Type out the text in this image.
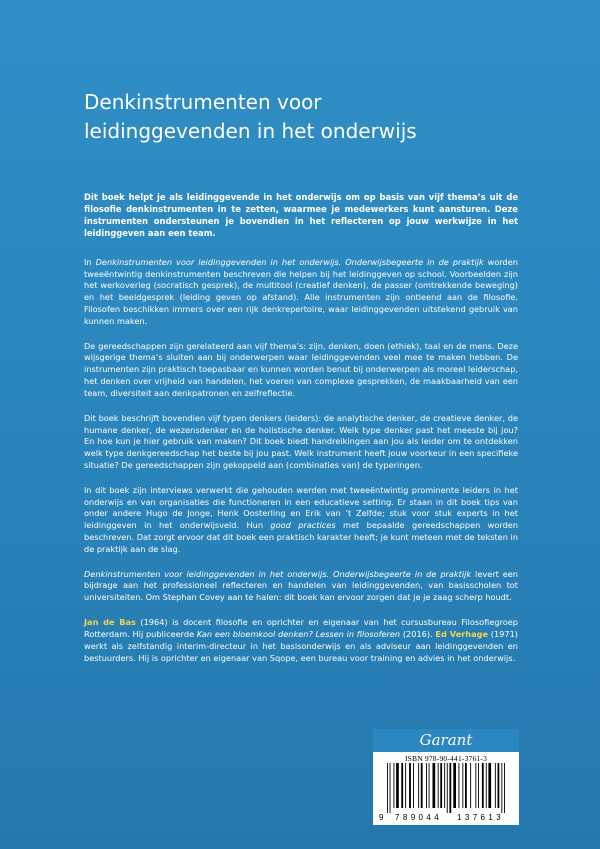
Denkinstrumenten voor
leidinggevenden in het onderwijs

Dit boek helpt je als leidinggevende in het onderwijs om op basis van vijf thema’s uit de filosofie denkinstrumenten in te zetten, waarmee je medewerkers kunt aansturen. Deze instrumenten ondersteunen je bovendien in het reflecteren op jouw werkwijze in het leidinggeven aan een team.

In Denkinstrumenten voor leidinggevenden in het onderwijs. Onderwijsbegeerte in de praktijk worden tweeëntwintig denkinstrumenten beschreven die helpen bij het leidinggeven op school. Voorbeelden zijn het werkoverleg (socratisch gesprek), de multitool (creatief denken), de passer (omtrekkende beweging) en het beeldgesprek (leiding geven op afstand). Alle instrumenten zijn ontleend aan de filosofie. Filosofen beschikken immers over een rijk denkrepertoire, waar leidinggevenden uitstekend gebruik van kunnen maken.

De gereedschappen zijn gerelateerd aan vijf thema’s: zijn, denken, doen (ethiek), taal en de mens. Deze wijsgerige thema’s sluiten aan bij onderwerpen waar leidinggevenden veel mee te maken hebben. De instrumenten zijn praktisch toepasbaar en kunnen worden benut bij onderwerpen als moreel leiderschap, het denken over vrijheid van handelen, het voeren van complexe gesprekken, de maakbaarheid van een team, diversiteit aan denkpatronen en zelfreflectie.

Dit boek beschrijft bovendien vijf typen denkers (leiders): de analytische denker, de creatieve denker, de humane denker, de wezensdenker en de holistische denker. Welk type denker past het meeste bij jou? En hoe kun je hier gebruik van maken? Dit boek biedt handreikingen aan jou als leider om te ontdekken welk type denkgereedschap het beste bij jou past. Welk instrument heeft jouw voorkeur in een specifieke situatie? De gereedschappen zijn gekoppeld aan (combinaties van) de typeringen.

In dit boek zijn interviews verwerkt die gehouden werden met tweeëntwintig prominente leiders in het onderwijs en van organisaties die functioneren in een educatieve setting. Er staan in dit boek tips van onder andere Hugo de Jonge, Henk Oosterling en Erik van ’t Zelfde; stuk voor stuk experts in het leidinggeven in het onderwijsveld. Hun good practices met bepaalde gereedschappen worden beschreven. Dat zorgt ervoor dat dit boek een praktisch karakter heeft; je kunt meteen met de teksten in de praktijk aan de slag.

Denkinstrumenten voor leidinggevenden in het onderwijs. Onderwijsbegeerte in de praktijk levert een bijdrage aan het professioneel reflecteren en handelen van leidinggevenden, van basisscholen tot universiteiten. Om Stephan Covey aan te halen: dit boek kan ervoor zorgen dat je je zaag scherp houdt.

Jan de Bas (1964) is docent filosofie en oprichter en eigenaar van het cursusbureau Filosofiegroep Rotterdam. Hij publiceerde Kan een bloemkool denken? Lessen in filosoferen (2016). Ed Verhage (1971) werkt als zelfstandig interim-directeur in het basisonderwijs en als adviseur aan leidinggevenden en bestuurders. Hij is oprichter en eigenaar van Sqope, een bureau voor training en advies in het onderwijs.

Garant
ISBN 978-90-441-3761-3
9 789044 137613
